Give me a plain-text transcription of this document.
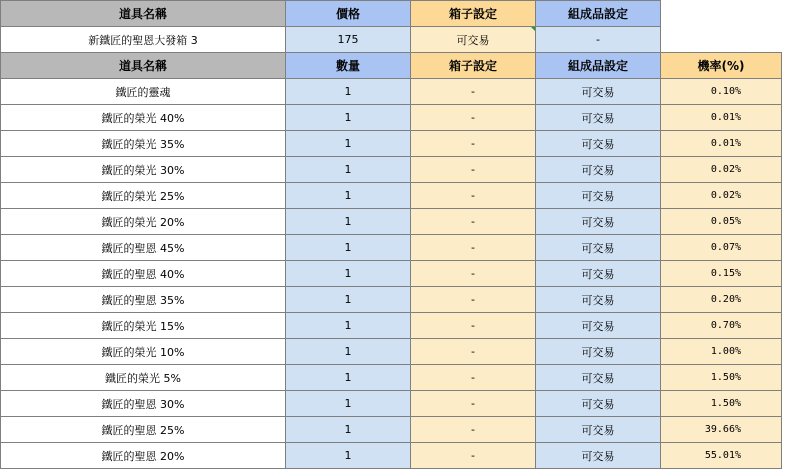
道具名稱	價格	箱子設定	組成品設定	
新鐵匠的聖恩大發箱 3	175	可交易	-	
道具名稱	數量	箱子設定	組成品設定	機率(%)
鐵匠的靈魂	1	-	可交易	0.10%
鐵匠的榮光 40%	1	-	可交易	0.01%
鐵匠的榮光 35%	1	-	可交易	0.01%
鐵匠的榮光 30%	1	-	可交易	0.02%
鐵匠的榮光 25%	1	-	可交易	0.02%
鐵匠的榮光 20%	1	-	可交易	0.05%
鐵匠的聖恩 45%	1	-	可交易	0.07%
鐵匠的聖恩 40%	1	-	可交易	0.15%
鐵匠的聖恩 35%	1	-	可交易	0.20%
鐵匠的榮光 15%	1	-	可交易	0.70%
鐵匠的榮光 10%	1	-	可交易	1.00%
鐵匠的榮光 5%	1	-	可交易	1.50%
鐵匠的聖恩 30%	1	-	可交易	1.50%
鐵匠的聖恩 25%	1	-	可交易	39.66%
鐵匠的聖恩 20%	1	-	可交易	55.01%
